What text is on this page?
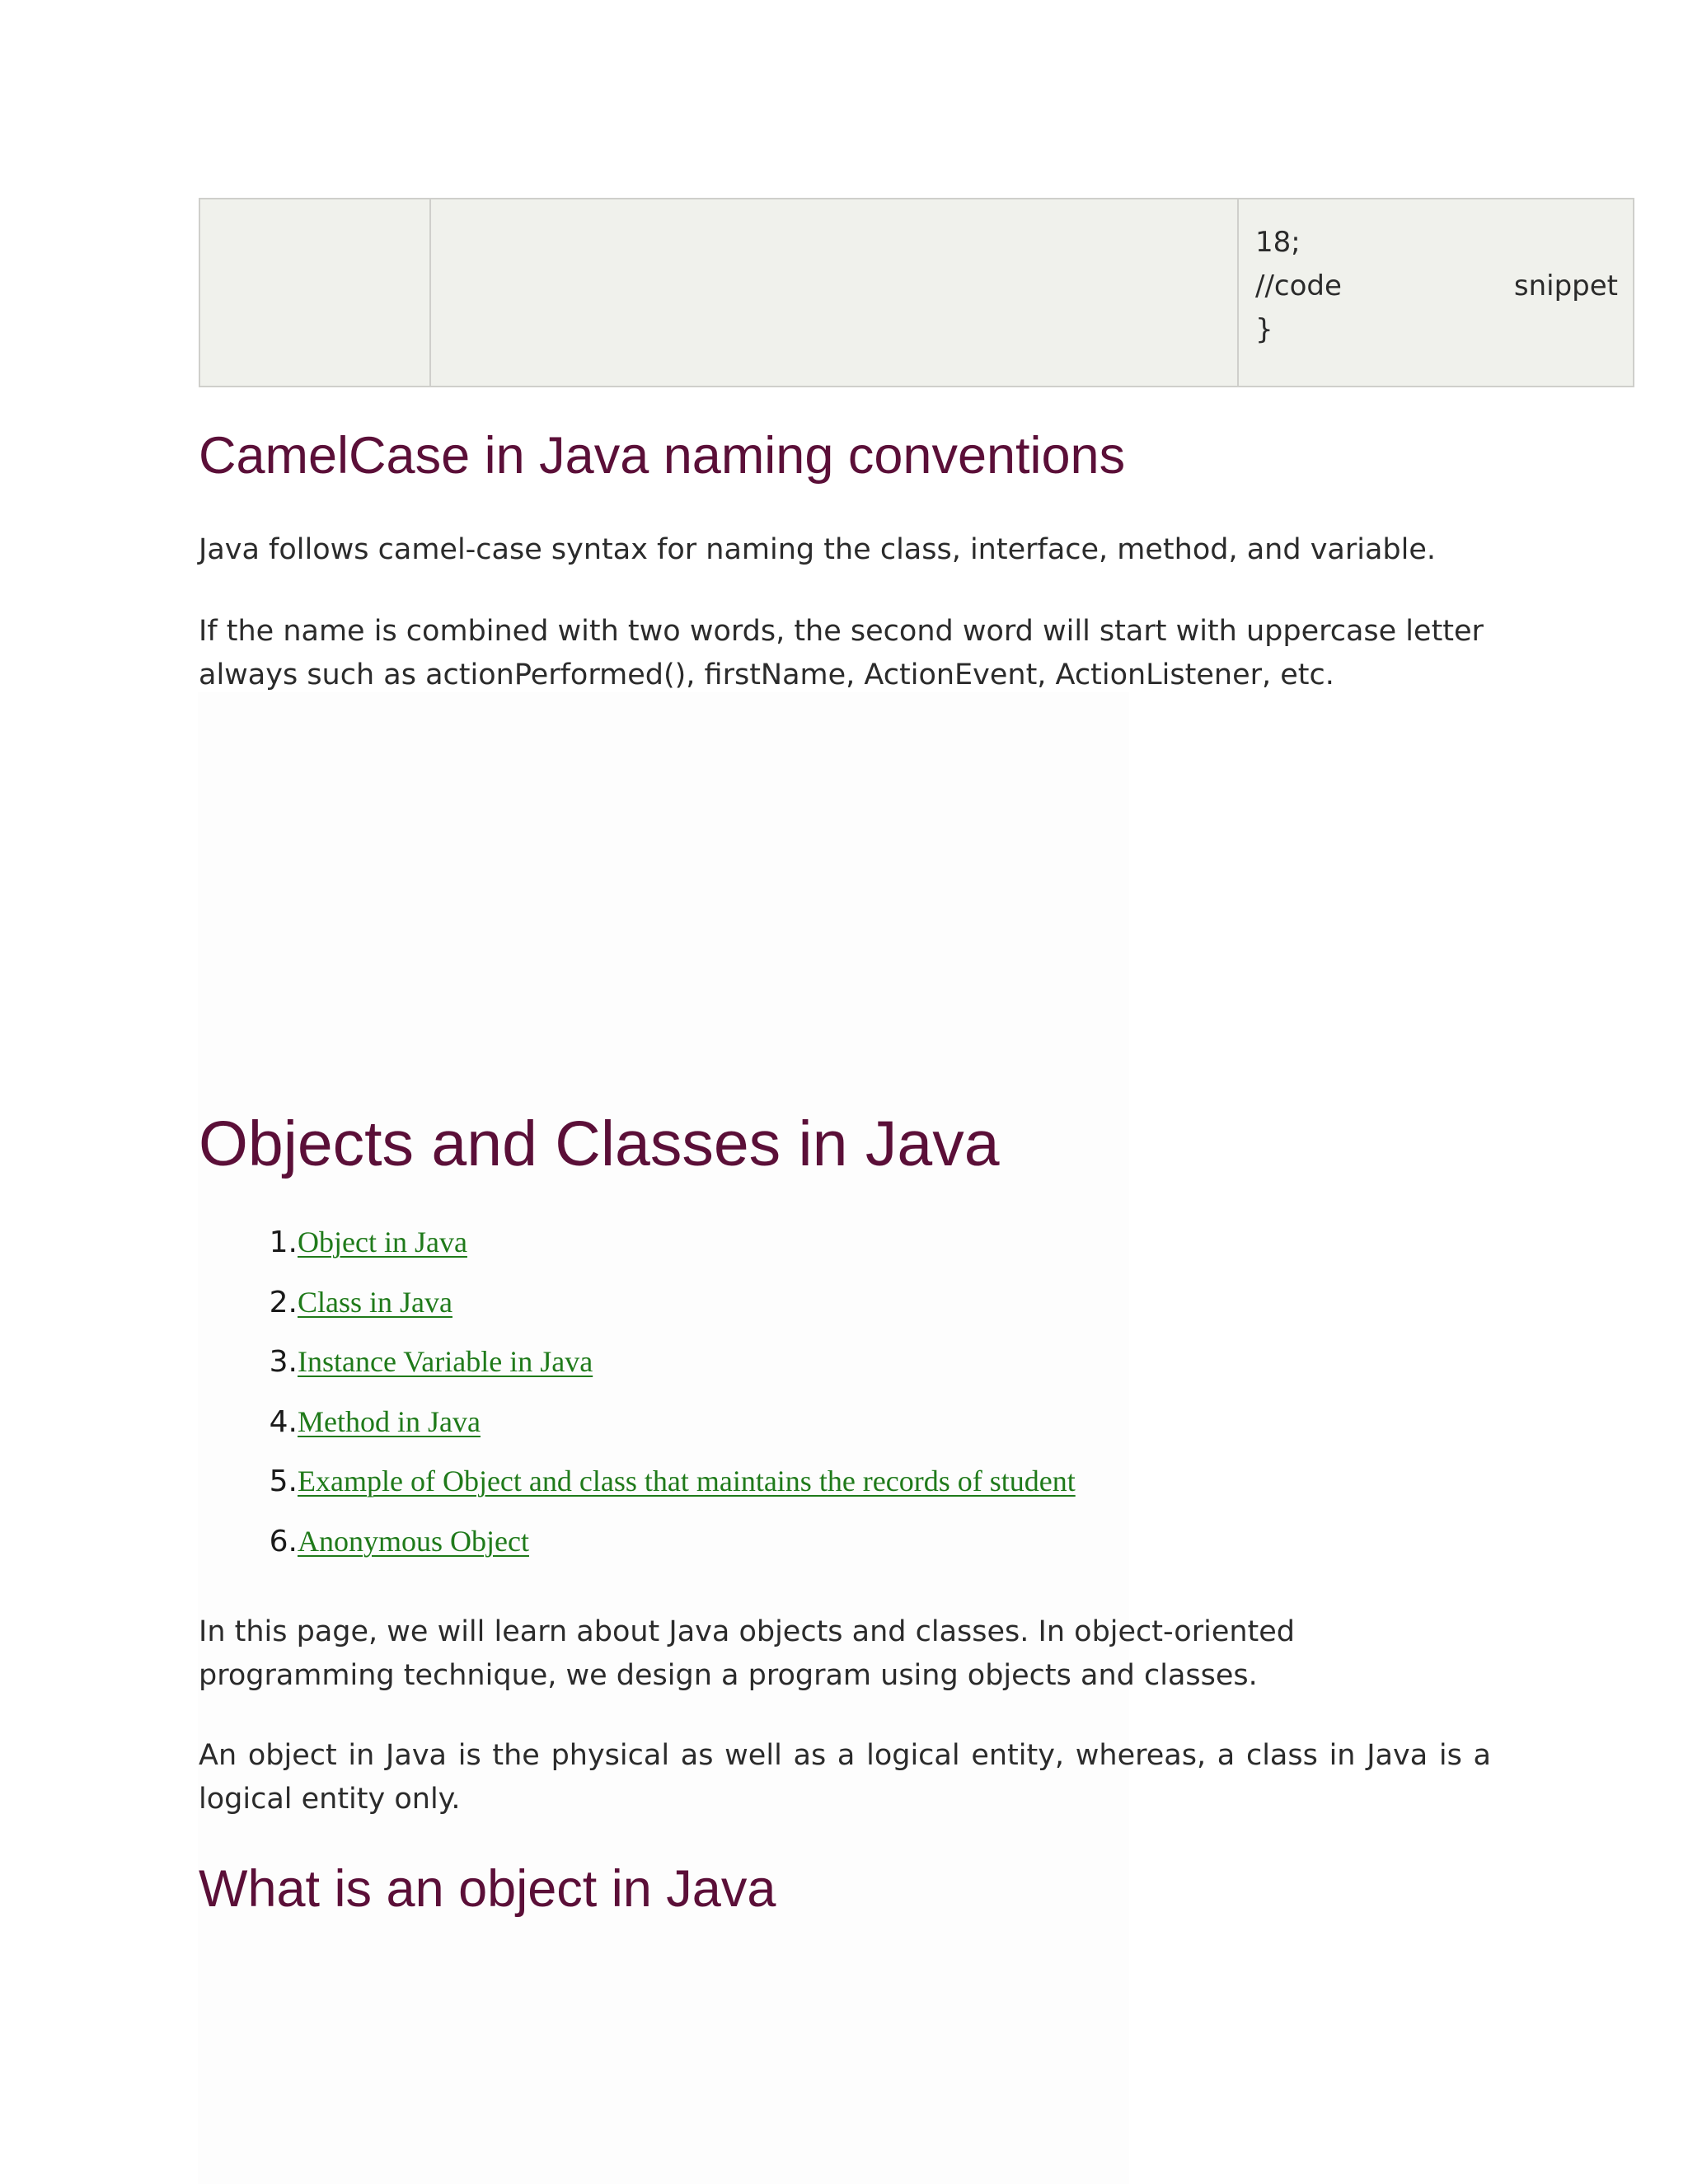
18;
//code	snippet
}
CamelCase in Java naming conventions

Java follows camel-case syntax for naming the class, interface, method, and variable.

If the name is combined with two words, the second word will start with uppercase letter always such as actionPerformed(), firstName, ActionEvent, ActionListener, etc.

Objects and Classes in Java
1. Object in Java
2. Class in Java
3. Instance Variable in Java
4. Method in Java
5. Example of Object and class that maintains the records of student
6. Anonymous Object

In this page, we will learn about Java objects and classes. In object-oriented programming technique, we design a program using objects and classes.

An object in Java is the physical as well as a logical entity, whereas, a class in Java is a logical entity only.

What is an object in Java
